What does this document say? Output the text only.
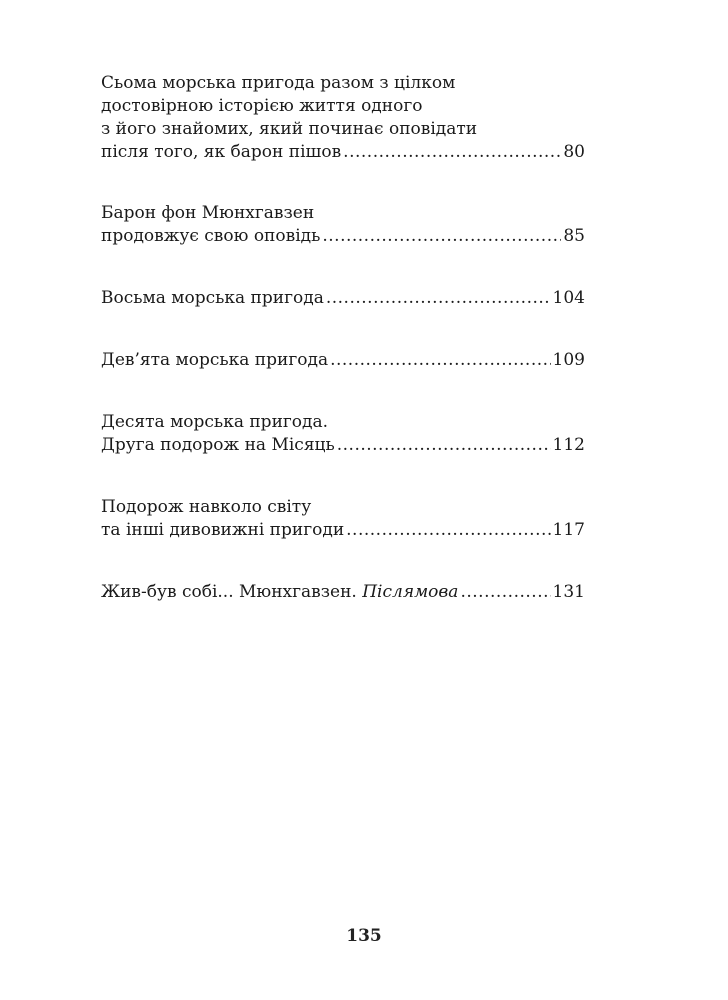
Сьома морська пригода разом з цілком
достовірною історією життя одного
з його знайомих, який починає оповідати
після того, як барон пішов .....	80
Барон фон Мюнхгавзен
продовжує свою оповідь .....	85
Восьма морська пригода .....	104
Дев’ята морська пригода .....	109
Десята морська пригода.
Друга подорож на Місяць .....	112
Подорож навколо світу
та інші дивовижні пригоди .....	117
Жив-був собі... Мюнхгавзен. Післямова .....	131
135
